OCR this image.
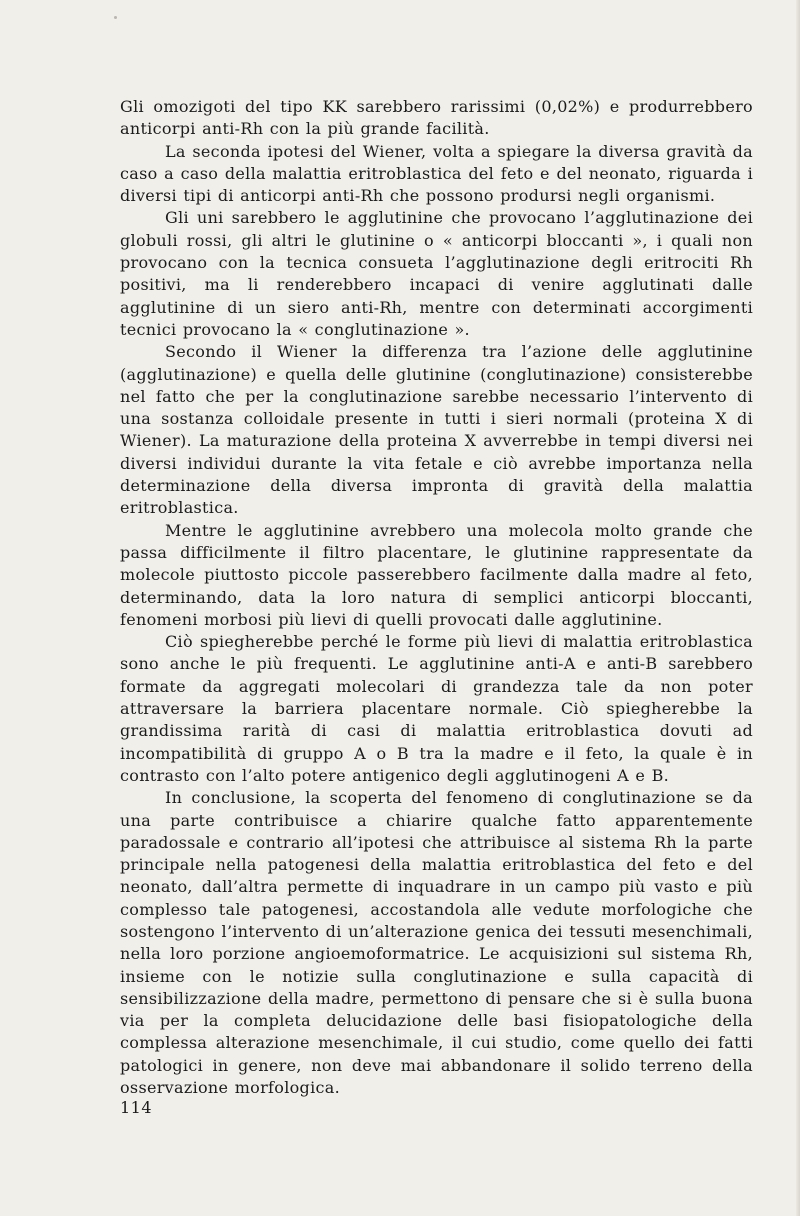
Gli omozigoti del tipo KK sarebbero rarissimi (0,02%) e produrrebbero anticorpi anti-Rh con la più grande facilità.

La seconda ipotesi del Wiener, volta a spiegare la diversa gravità da caso a caso della malattia eritroblastica del feto e del neonato, riguarda i diversi tipi di anticorpi anti-Rh che possono prodursi negli organismi.

Gli uni sarebbero le agglutinine che provocano l’agglutinazione dei globuli rossi, gli altri le glutinine o « anticorpi bloccanti », i quali non provocano con la tecnica consueta l’agglutinazione degli eritrociti Rh positivi, ma li renderebbero incapaci di venire agglutinati dalle agglutinine di un siero anti-Rh, mentre con determinati accorgimenti tecnici provocano la « conglutinazione ».

Secondo il Wiener la differenza tra l’azione delle agglutinine (agglutinazione) e quella delle glutinine (conglutinazione) consisterebbe nel fatto che per la conglutinazione sarebbe necessario l’intervento di una sostanza colloidale presente in tutti i sieri normali (proteina X di Wiener). La maturazione della proteina X avverrebbe in tempi diversi nei diversi individui durante la vita fetale e ciò avrebbe importanza nella determinazione della diversa impronta di gravità della malattia eritroblastica.

Mentre le agglutinine avrebbero una molecola molto grande che passa difficilmente il filtro placentare, le glutinine rappresentate da molecole piuttosto piccole passerebbero facilmente dalla madre al feto, determinando, data la loro natura di semplici anticorpi bloccanti, fenomeni morbosi più lievi di quelli provocati dalle agglutinine.

Ciò spiegherebbe perché le forme più lievi di malattia eritroblastica sono anche le più frequenti. Le agglutinine anti-A e anti-B sarebbero formate da aggregati molecolari di grandezza tale da non poter attraversare la barriera placentare normale. Ciò spiegherebbe la grandissima rarità di casi di malattia eritroblastica dovuti ad incompatibilità di gruppo A o B tra la madre e il feto, la quale è in contrasto con l’alto potere antigenico degli agglutinogeni A e B.

In conclusione, la scoperta del fenomeno di conglutinazione se da una parte contribuisce a chiarire qualche fatto apparentemente paradossale e contrario all’ipotesi che attribuisce al sistema Rh la parte principale nella patogenesi della malattia eritroblastica del feto e del neonato, dall’altra permette di inquadrare in un campo più vasto e più complesso tale patogenesi, accostandola alle vedute morfologiche che sostengono l’intervento di un’alterazione genica dei tessuti mesenchimali, nella loro porzione angioemoformatrice. Le acquisizioni sul sistema Rh, insieme con le notizie sulla conglutinazione e sulla capacità di sensibilizzazione della madre, permettono di pensare che si è sulla buona via per la completa delucidazione delle basi fisiopatologiche della complessa alterazione mesenchimale, il cui studio, come quello dei fatti patologici in genere, non deve mai abbandonare il solido terreno della osservazione morfologica.

114
